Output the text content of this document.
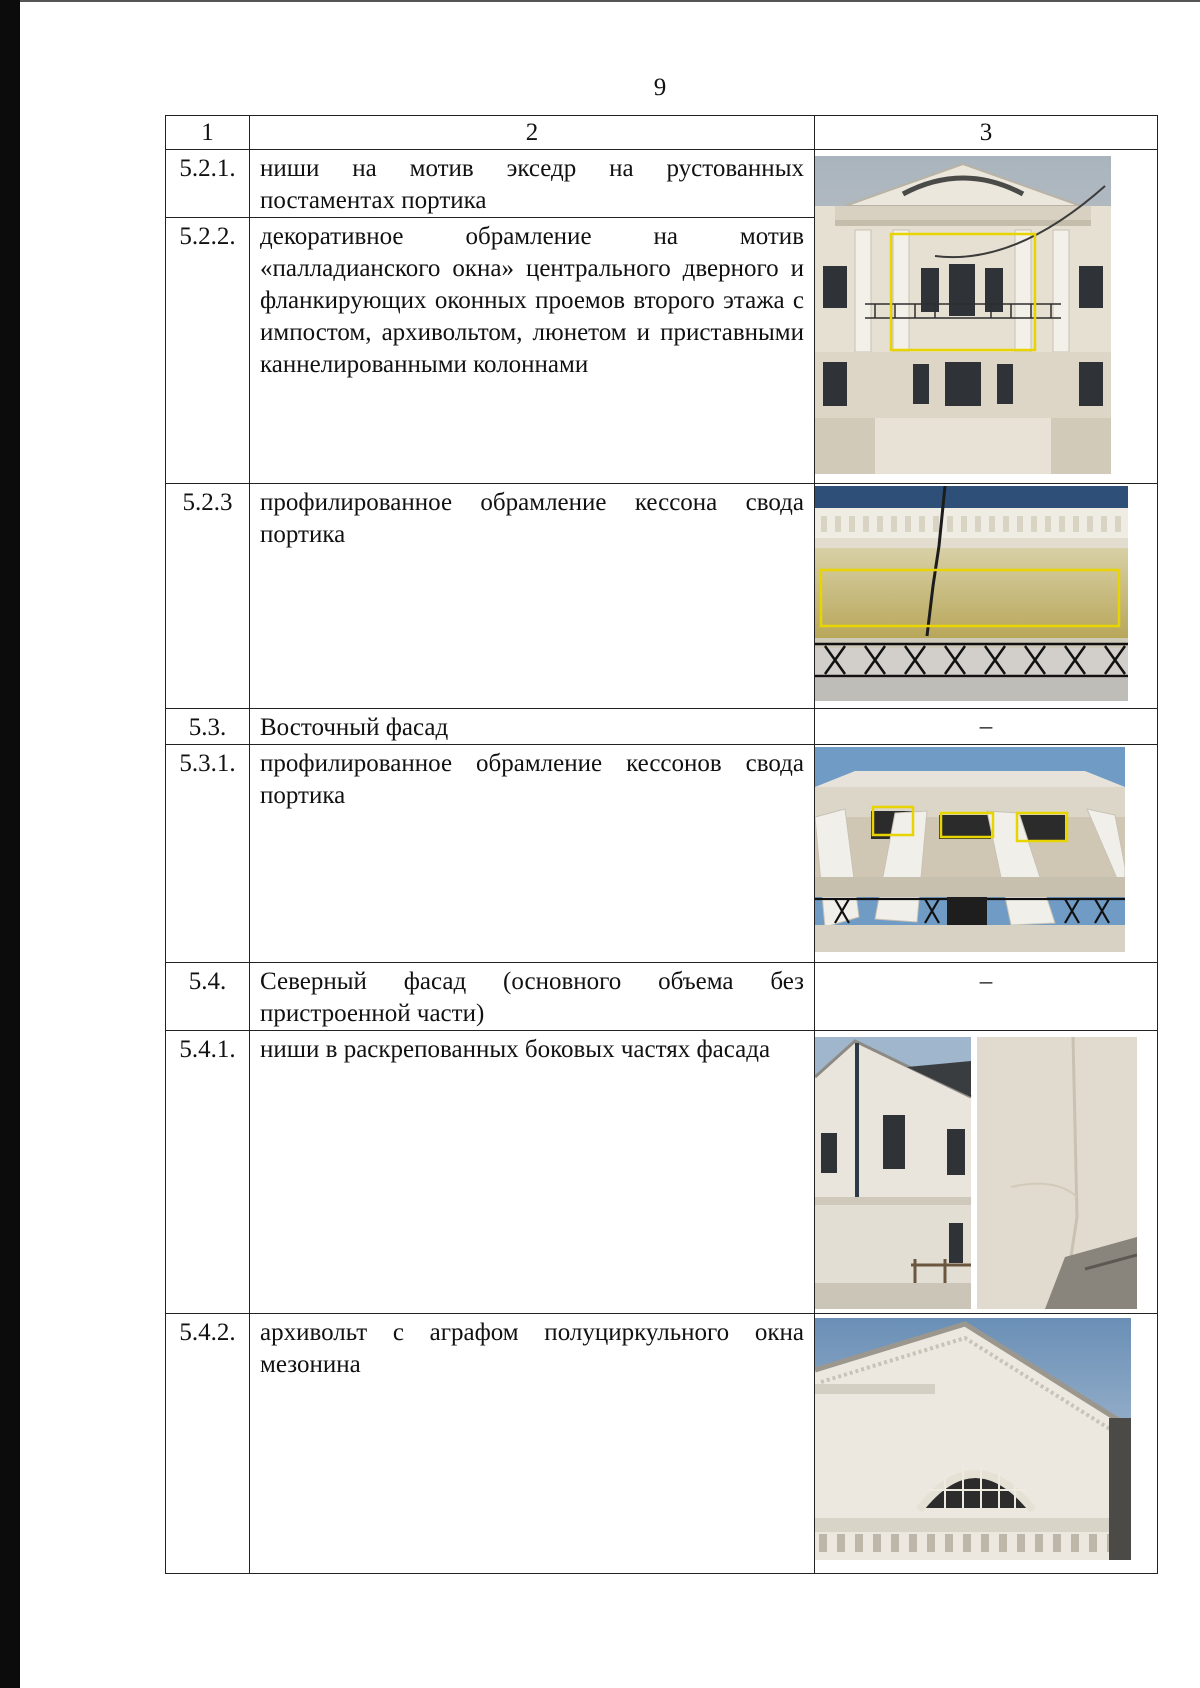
9
1	2	3
5.2.1.	ниши на мотив экседр на рустованных постаментах портика	

5.2.2.	декоративное обрамление на мотив «палладианского окна» центрального дверного и фланкирующих оконных проемов второго этажа с импостом, архивольтом, люнетом и приставными каннелированными колоннами	
5.2.3	профилированное обрамление кессона свода портика	

5.3.	Восточный фасад	–
5.3.1.	профилированное обрамление кессонов свода портика	

5.4.	Северный фасад (основного объема без пристроенной части)	–
5.4.1.	ниши в раскрепованных боковых частях фасада	

5.4.2.	архивольт с аграфом полуциркульного окна мезонина	
